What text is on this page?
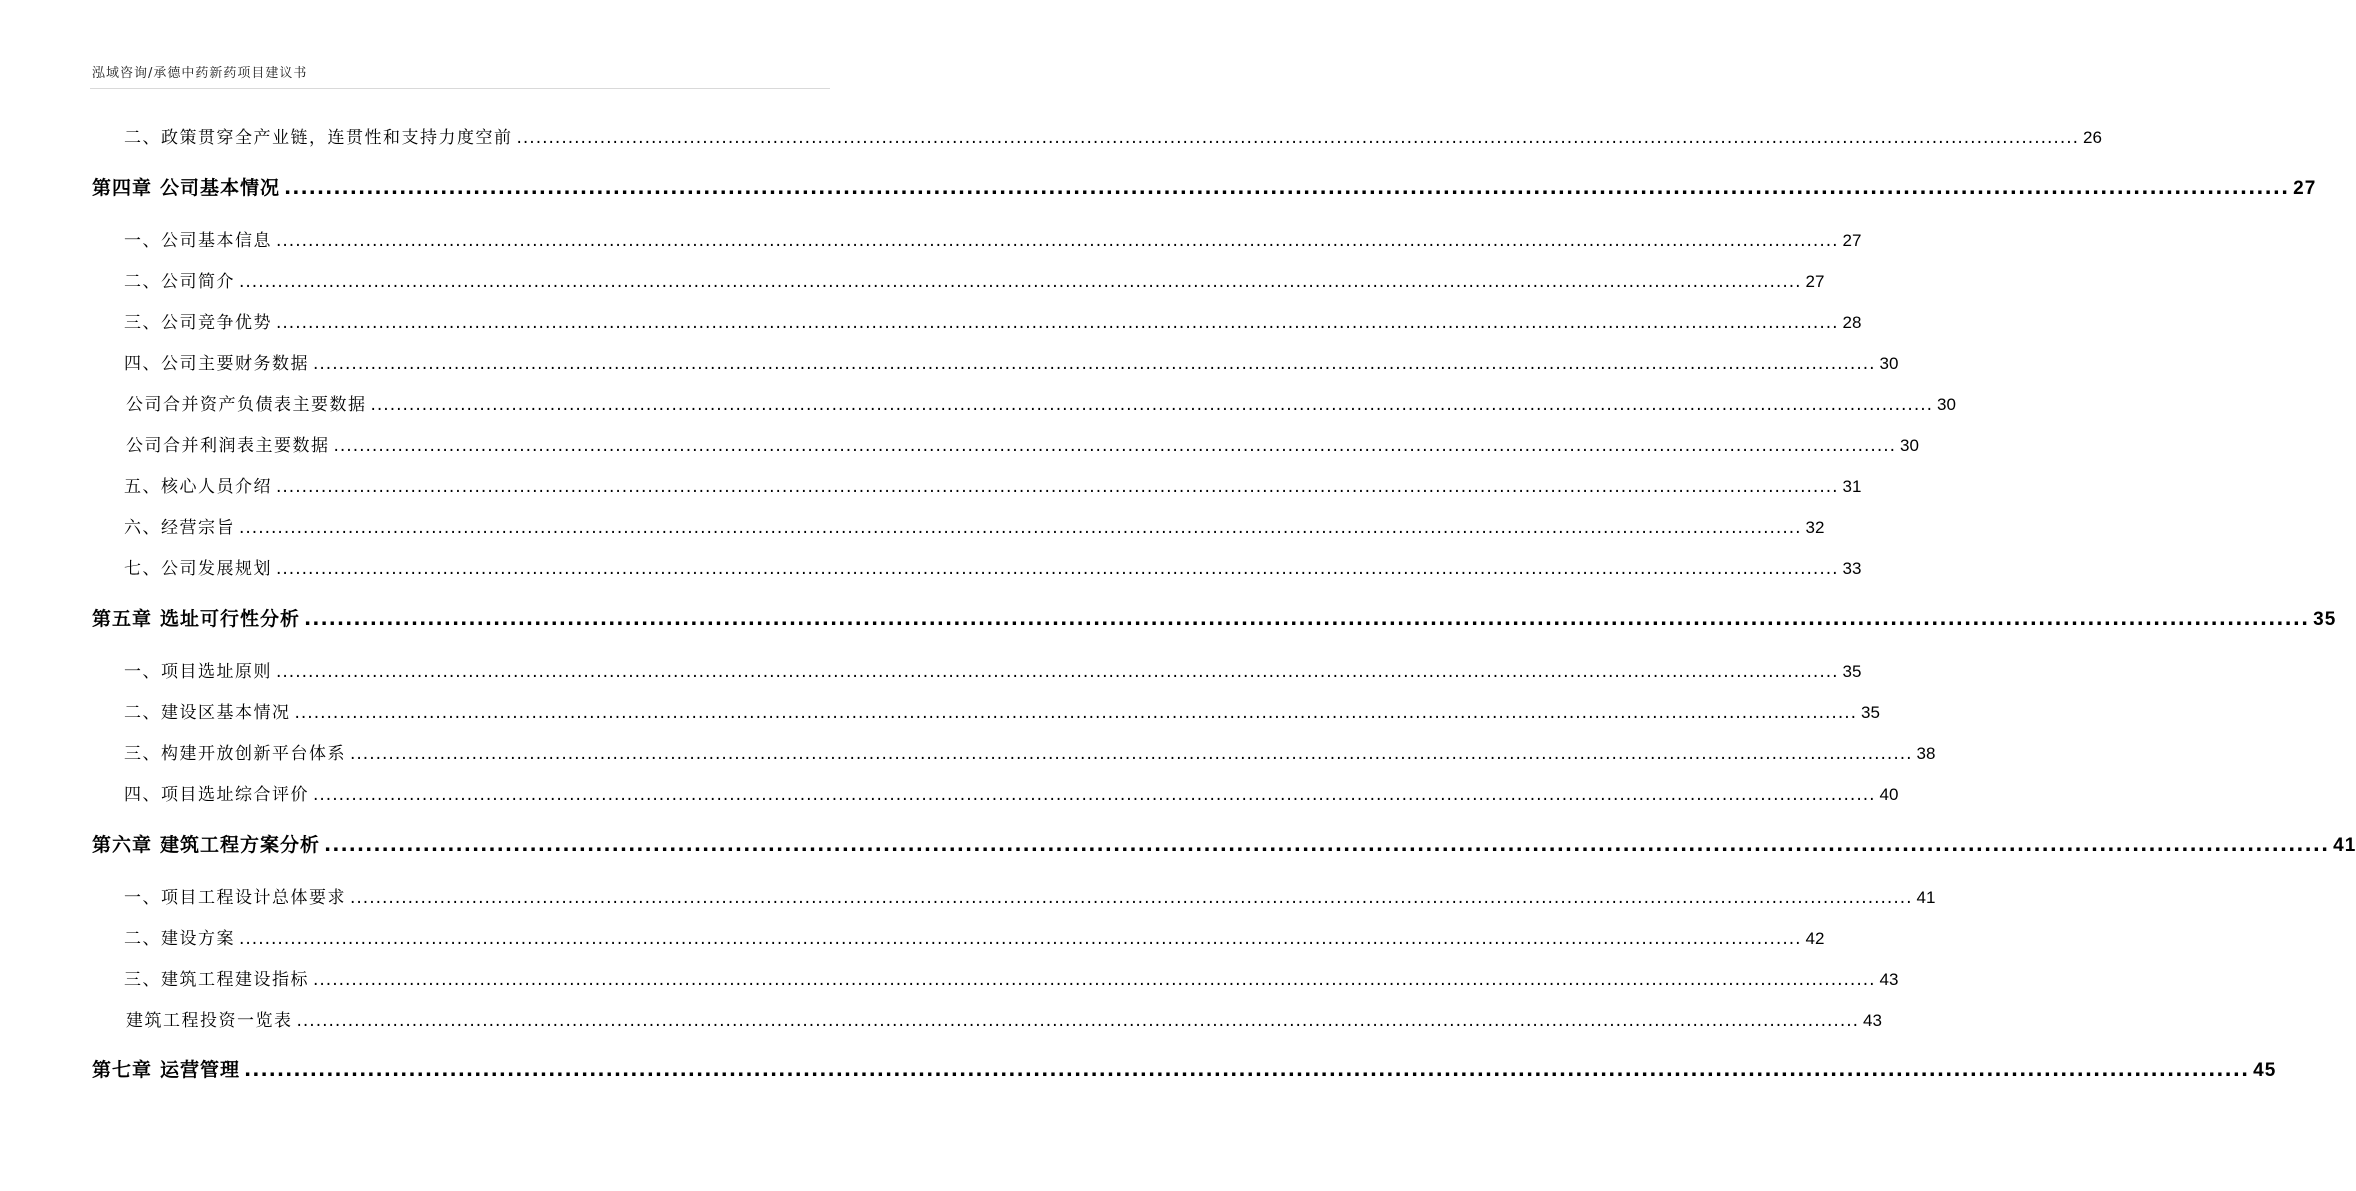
泓域咨询/承德中药新药项目建议书
二、 政策贯穿全产业链，连贯性和支持力度空前 .................................................................................................................................................................................................................................................... 26
第四章 公司基本情况 .................................................................................................................................................................................................................................................... 27
一、 公司基本信息 .................................................................................................................................................................................................................................................... 27
二、 公司简介 .................................................................................................................................................................................................................................................... 27
三、 公司竞争优势 .................................................................................................................................................................................................................................................... 28
四、 公司主要财务数据 .................................................................................................................................................................................................................................................... 30
公司合并资产负债表主要数据 .................................................................................................................................................................................................................................................... 30
公司合并利润表主要数据 .................................................................................................................................................................................................................................................... 30
五、 核心人员介绍 .................................................................................................................................................................................................................................................... 31
六、 经营宗旨 .................................................................................................................................................................................................................................................... 32
七、 公司发展规划 .................................................................................................................................................................................................................................................... 33
第五章 选址可行性分析 .................................................................................................................................................................................................................................................... 35
一、 项目选址原则 .................................................................................................................................................................................................................................................... 35
二、 建设区基本情况 .................................................................................................................................................................................................................................................... 35
三、 构建开放创新平台体系 .................................................................................................................................................................................................................................................... 38
四、 项目选址综合评价 .................................................................................................................................................................................................................................................... 40
第六章 建筑工程方案分析 .................................................................................................................................................................................................................................................... 41
一、 项目工程设计总体要求 .................................................................................................................................................................................................................................................... 41
二、 建设方案 .................................................................................................................................................................................................................................................... 42
三、 建筑工程建设指标 .................................................................................................................................................................................................................................................... 43
建筑工程投资一览表 .................................................................................................................................................................................................................................................... 43
第七章 运营管理 .................................................................................................................................................................................................................................................... 45
